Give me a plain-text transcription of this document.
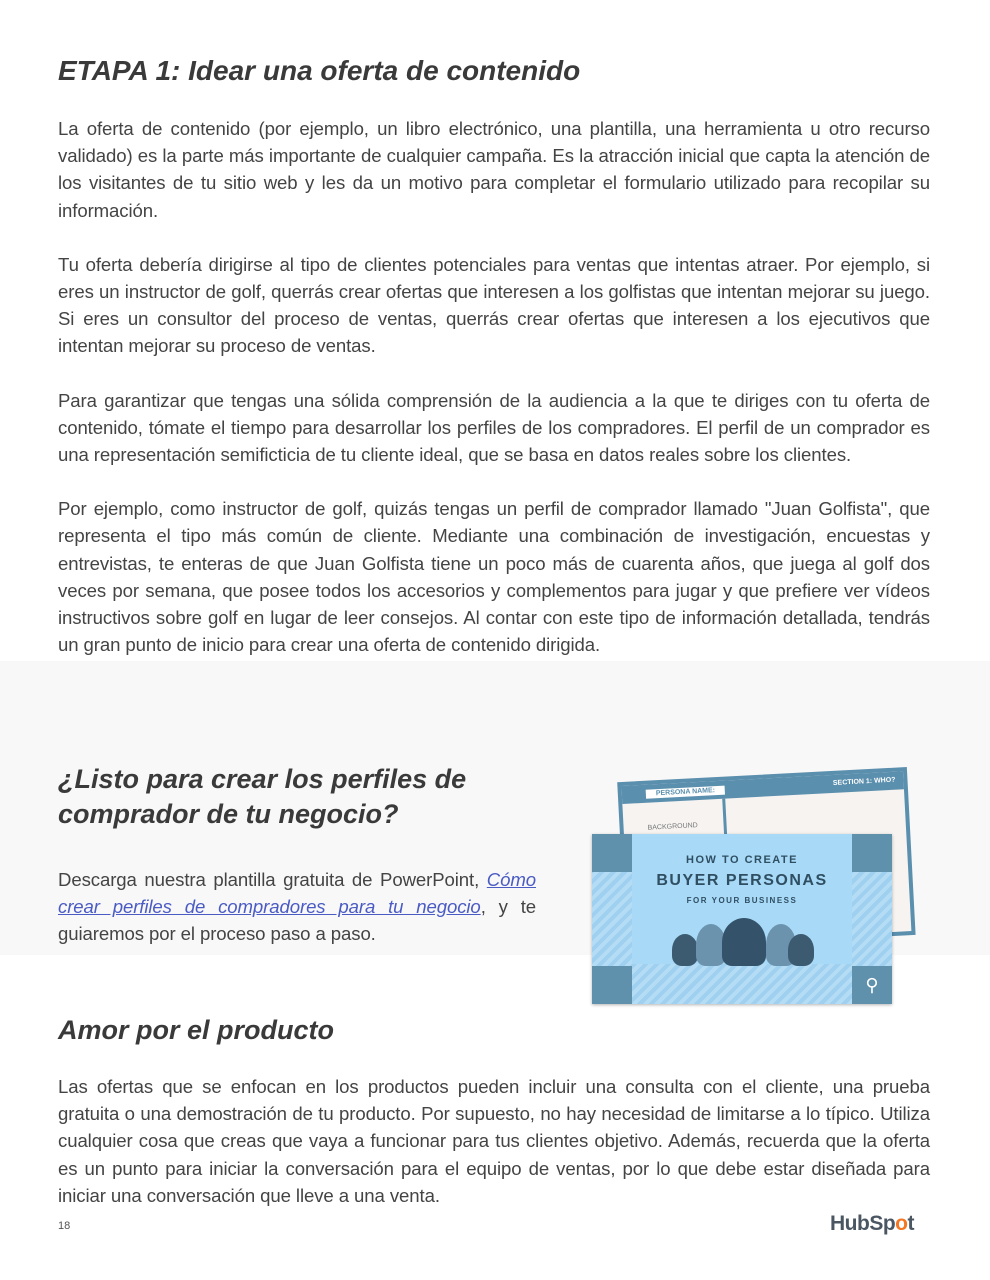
ETAPA 1: Idear una oferta de contenido

La oferta de contenido (por ejemplo, un libro electrónico, una plantilla, una herramienta u otro recurso validado) es la parte más importante de cualquier campaña. Es la atracción inicial que capta la atención de los visitantes de tu sitio web y les da un motivo para completar el formulario utilizado para recopilar su información.

Tu oferta debería dirigirse al tipo de clientes potenciales para ventas que intentas atraer. Por ejemplo, si eres un instructor de golf, querrás crear ofertas que interesen a los golfistas que intentan mejorar su juego. Si eres un consultor del proceso de ventas, querrás crear ofertas que interesen a los ejecutivos que intentan mejorar su proceso de ventas.

Para garantizar que tengas una sólida comprensión de la audiencia a la que te diriges con tu oferta de contenido, tómate el tiempo para desarrollar los perfiles de los compradores. El perfil de un comprador es una representación semificticia de tu cliente ideal, que se basa en datos reales sobre los clientes.

Por ejemplo, como instructor de golf, quizás tengas un perfil de comprador llamado "Juan Golfista", que representa el tipo más común de cliente. Mediante una combinación de investigación, encuestas y entrevistas, te enteras de que Juan Golfista tiene un poco más de cuarenta años, que juega al golf dos veces por semana, que posee todos los accesorios y complementos para jugar y que prefiere ver vídeos instructivos sobre golf en lugar de leer consejos. Al contar con este tipo de información detallada, tendrás un gran punto de inicio para crear una oferta de contenido dirigida.

¿Listo para crear los perfiles de comprador de tu negocio?

Descarga nuestra plantilla gratuita de PowerPoint, Cómo crear perfiles de compradores para tu negocio, y te guiaremos por el proceso paso a paso.

PERSONA NAME:
SECTION 1: WHO?
BACKGROUND
⚲
HOW TO CREATE
BUYER PERSONAS
FOR YOUR BUSINESS
Amor por el producto

Las ofertas que se enfocan en los productos pueden incluir una consulta con el cliente, una prueba gratuita o una demostración de tu producto. Por supuesto, no hay necesidad de limitarse a lo típico. Utiliza cualquier cosa que creas que vaya a funcionar para tus clientes objetivo. Además, recuerda que la oferta es un punto para iniciar la conversación para el equipo de ventas, por lo que debe estar diseñada para iniciar una conversación que lleve a una venta.

18	HubSpot
